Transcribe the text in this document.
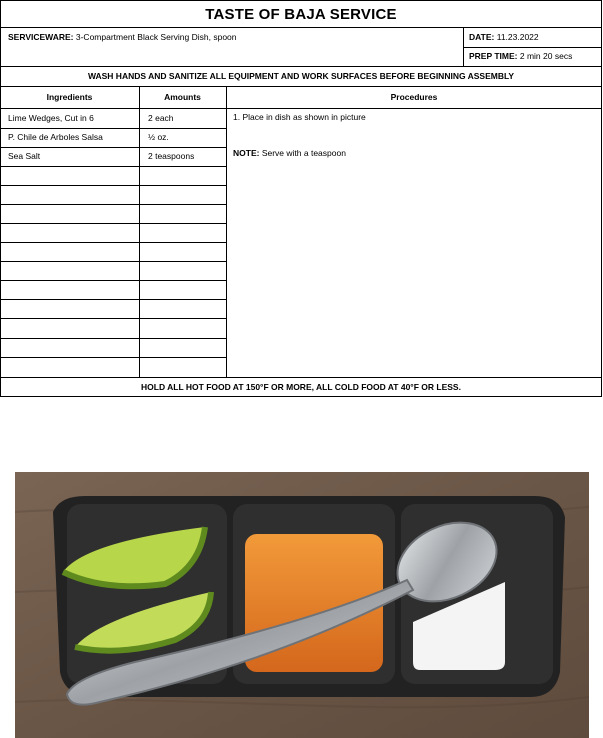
TASTE OF BAJA SERVICE
SERVICEWARE: 3-Compartment Black Serving Dish, spoon	DATE: 11.23.2022
PREP TIME: 2 min 20 secs
WASH HANDS AND SANITIZE ALL EQUIPMENT AND WORK SURFACES BEFORE BEGINNING ASSEMBLY
Ingredients	Amounts	Procedures
Lime Wedges, Cut in 6	2 each
P. Chile de Arboles Salsa	½ oz.
Sea Salt	2 teaspoons
1. Place in dish as shown in picture
NOTE: Serve with a teaspoon
HOLD ALL HOT FOOD AT 150°F OR MORE, ALL COLD FOOD AT 40°F OR LESS.
